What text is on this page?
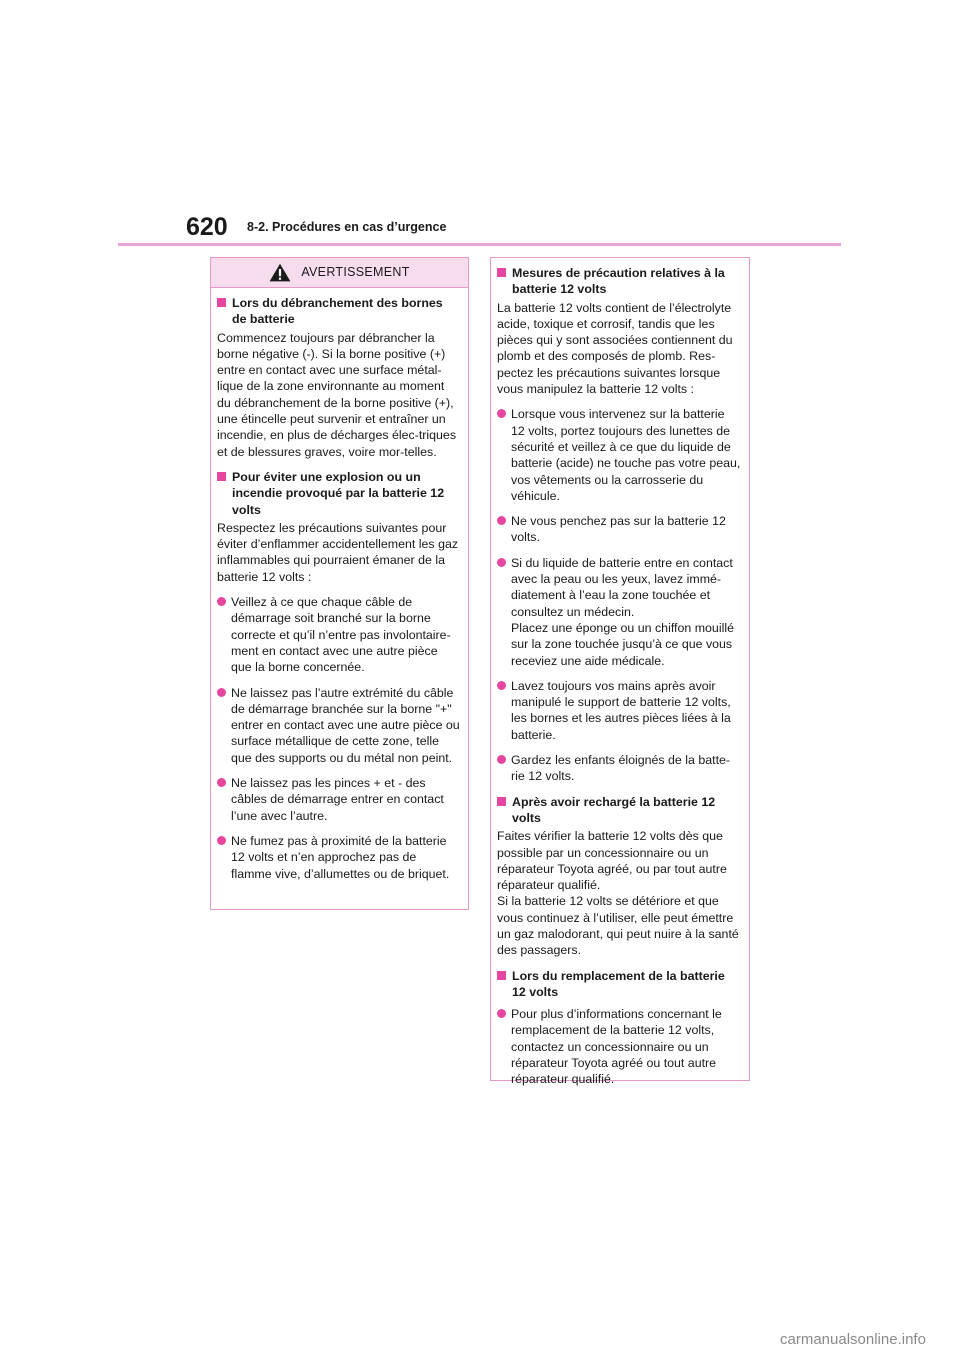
620 8-2. Procédures en cas d’urgence
AVERTISSEMENT
Lors du débranchement des bornes de batterie
Commencez toujours par débrancher la borne négative (-). Si la borne positive (+) entre en contact avec une surface métal-lique de la zone environnante au moment du débranchement de la borne positive (+), une étincelle peut survenir et entraîner un incendie, en plus de décharges élec-triques et de blessures graves, voire mor-telles.
Pour éviter une explosion ou un incendie provoqué par la batterie 12 volts
Respectez les précautions suivantes pour éviter d’enflammer accidentellement les gaz inflammables qui pourraient émaner de la batterie 12 volts :
Veillez à ce que chaque câble de démarrage soit branché sur la borne correcte et qu’il n’entre pas involontaire-ment en contact avec une autre pièce que la borne concernée.
Ne laissez pas l’autre extrémité du câble de démarrage branchée sur la borne "+" entrer en contact avec une autre pièce ou surface métallique de cette zone, telle que des supports ou du métal non peint.
Ne laissez pas les pinces + et - des câbles de démarrage entrer en contact l’une avec l’autre.
Ne fumez pas à proximité de la batterie 12 volts et n’en approchez pas de flamme vive, d’allumettes ou de briquet.
Mesures de précaution relatives à la batterie 12 volts
La batterie 12 volts contient de l’électrolyte acide, toxique et corrosif, tandis que les pièces qui y sont associées contiennent du plomb et des composés de plomb. Res-pectez les précautions suivantes lorsque vous manipulez la batterie 12 volts :
Lorsque vous intervenez sur la batterie 12 volts, portez toujours des lunettes de sécurité et veillez à ce que du liquide de batterie (acide) ne touche pas votre peau, vos vêtements ou la carrosserie du véhicule.
Ne vous penchez pas sur la batterie 12 volts.
Si du liquide de batterie entre en contact avec la peau ou les yeux, lavez immé-diatement à l’eau la zone touchée et consultez un médecin.
Placez une éponge ou un chiffon mouillé sur la zone touchée jusqu’à ce que vous receviez une aide médicale.
Lavez toujours vos mains après avoir manipulé le support de batterie 12 volts, les bornes et les autres pièces liées à la batterie.
Gardez les enfants éloignés de la batte-rie 12 volts.
Après avoir rechargé la batterie 12 volts
Faites vérifier la batterie 12 volts dès que possible par un concessionnaire ou un réparateur Toyota agréé, ou par tout autre réparateur qualifié.
Si la batterie 12 volts se détériore et que vous continuez à l’utiliser, elle peut émettre un gaz malodorant, qui peut nuire à la santé des passagers.
Lors du remplacement de la batterie 12 volts
Pour plus d’informations concernant le remplacement de la batterie 12 volts, contactez un concessionnaire ou un réparateur Toyota agréé ou tout autre réparateur qualifié.
carmanualsonline.info
